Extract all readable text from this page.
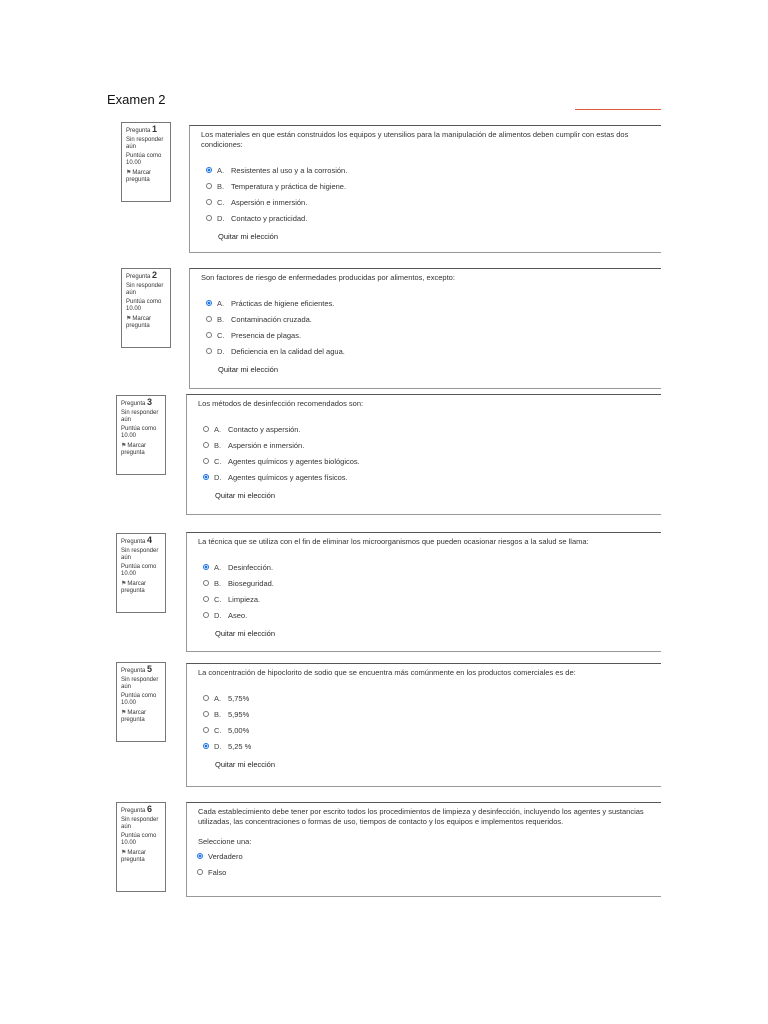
Examen 2	.          .
Pregunta 1
Sin responder aún
Puntúa como 10.00
⚑Marcar pregunta
Los materiales en que están construidos los equipos y utensilios para la manipulación de alimentos deben cumplir con estas dos condiciones:
A. Resistentes al uso y a la corrosión.
B. Temperatura y práctica de higiene.
C. Aspersión e inmersión.
D. Contacto y practicidad.
Quitar mi elección
Pregunta 2
Sin responder aún
Puntúa como 10.00
⚑Marcar pregunta
Son factores de riesgo de enfermedades producidas por alimentos, excepto:
A. Prácticas de higiene eficientes.
B. Contaminación cruzada.
C. Presencia de plagas.
D. Deficiencia en la calidad del agua.
Quitar mi elección
Pregunta 3
Sin responder aún
Puntúa como 10.00
⚑Marcar pregunta
Los métodos de desinfección recomendados son:
A. Contacto y aspersión.
B. Aspersión e inmersión.
C. Agentes químicos y agentes biológicos.
D. Agentes químicos y agentes físicos.
Quitar mi elección
Pregunta 4
Sin responder aún
Puntúa como 10.00
⚑Marcar pregunta
La técnica que se utiliza con el fin de eliminar los microorganismos que pueden ocasionar riesgos a la salud se llama:
A. Desinfección.
B. Bioseguridad.
C. Limpieza.
D. Aseo.
Quitar mi elección
Pregunta 5
Sin responder aún
Puntúa como 10.00
⚑Marcar pregunta
La concentración de hipoclorito de sodio que se encuentra más comúnmente en los productos comerciales es de:
A. 5,75%
B. 5,95%
C. 5,00%
D. 5,25 %
Quitar mi elección
Pregunta 6
Sin responder aún
Puntúa como 10.00
⚑Marcar pregunta
Cada establecimiento debe tener por escrito todos los procedimientos de limpieza y desinfección, incluyendo los agentes y sustancias utilizadas, las concentraciones o formas de uso, tiempos de contacto y los equipos e implementos requeridos.
Seleccione una:
Verdadero
Falso
